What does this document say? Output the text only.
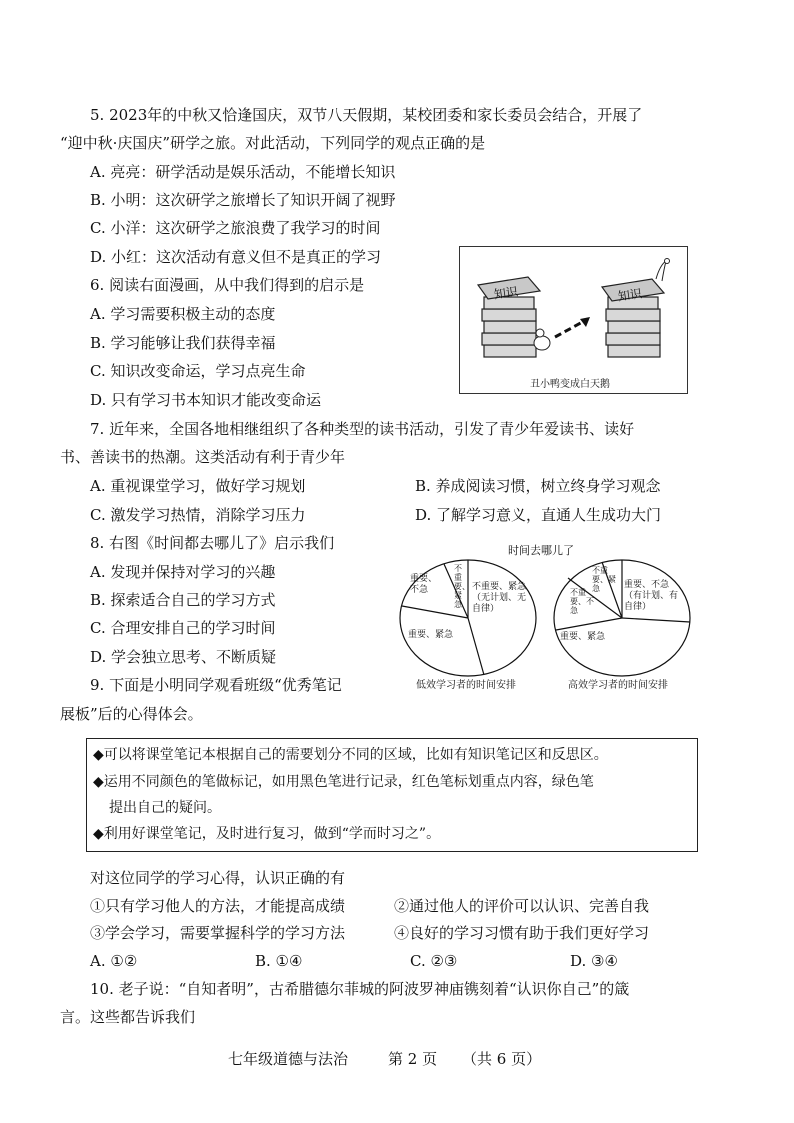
5. 2023年的中秋又恰逢国庆，双节八天假期，某校团委和家长委员会结合，开展了
“迎中秋·庆国庆”研学之旅。对此活动，下列同学的观点正确的是
A. 亮亮：研学活动是娱乐活动，不能增长知识
B. 小明：这次研学之旅增长了知识开阔了视野
C. 小洋：这次研学之旅浪费了我学习的时间
D. 小红：这次活动有意义但不是真正的学习
6. 阅读右面漫画，从中我们得到的启示是
A. 学习需要积极主动的态度
B. 学习能够让我们获得幸福
C. 知识改变命运，学习点亮生命
D. 只有学习书本知识才能改变命运
知识	知识
丑小鸭变成白天鹅
7. 近年来，全国各地相继组织了各种类型的读书活动，引发了青少年爱读书、读好
书、善读书的热潮。这类活动有利于青少年
A. 重视课堂学习，做好学习规划	B. 养成阅读习惯，树立终身学习观念
C. 激发学习热情，消除学习压力	D. 了解学习意义，直通人生成功大门
8. 右图《时间都去哪儿了》启示我们
A. 发现并保持对学习的兴趣
B. 探索适合自己的学习方式
C. 合理安排自己的学习时间
D. 学会独立思考、不断质疑
时间去哪儿了
不重要、紧急
重要、不急	不重要、紧急（无计划、无自律）
重要、紧急
不重要、紧急
不重要、不急
重要、不急（有计划、有自律）
重要、紧急
低效学习者的时间安排	高效学习者的时间安排
9. 下面是小明同学观看班级“优秀笔记
展板”后的心得体会。
◆可以将课堂笔记本根据自己的需要划分不同的区域，比如有知识笔记区和反思区。
◆运用不同颜色的笔做标记，如用黑色笔进行记录，红色笔标划重点内容，绿色笔
提出自己的疑问。
◆利用好课堂笔记，及时进行复习，做到“学而时习之”。
对这位同学的学习心得，认识正确的有
①只有学习他人的方法，才能提高成绩	②通过他人的评价可以认识、完善自我
③学会学习，需要掌握科学的学习方法	④良好的学习习惯有助于我们更好学习
A. ①②	B. ①④	C. ②③	D. ③④
10. 老子说：“自知者明”，古希腊德尔菲城的阿波罗神庙镌刻着“认识你自己”的箴
言。这些都告诉我们
七年级道德与法治	第 2 页 （共 6 页）
